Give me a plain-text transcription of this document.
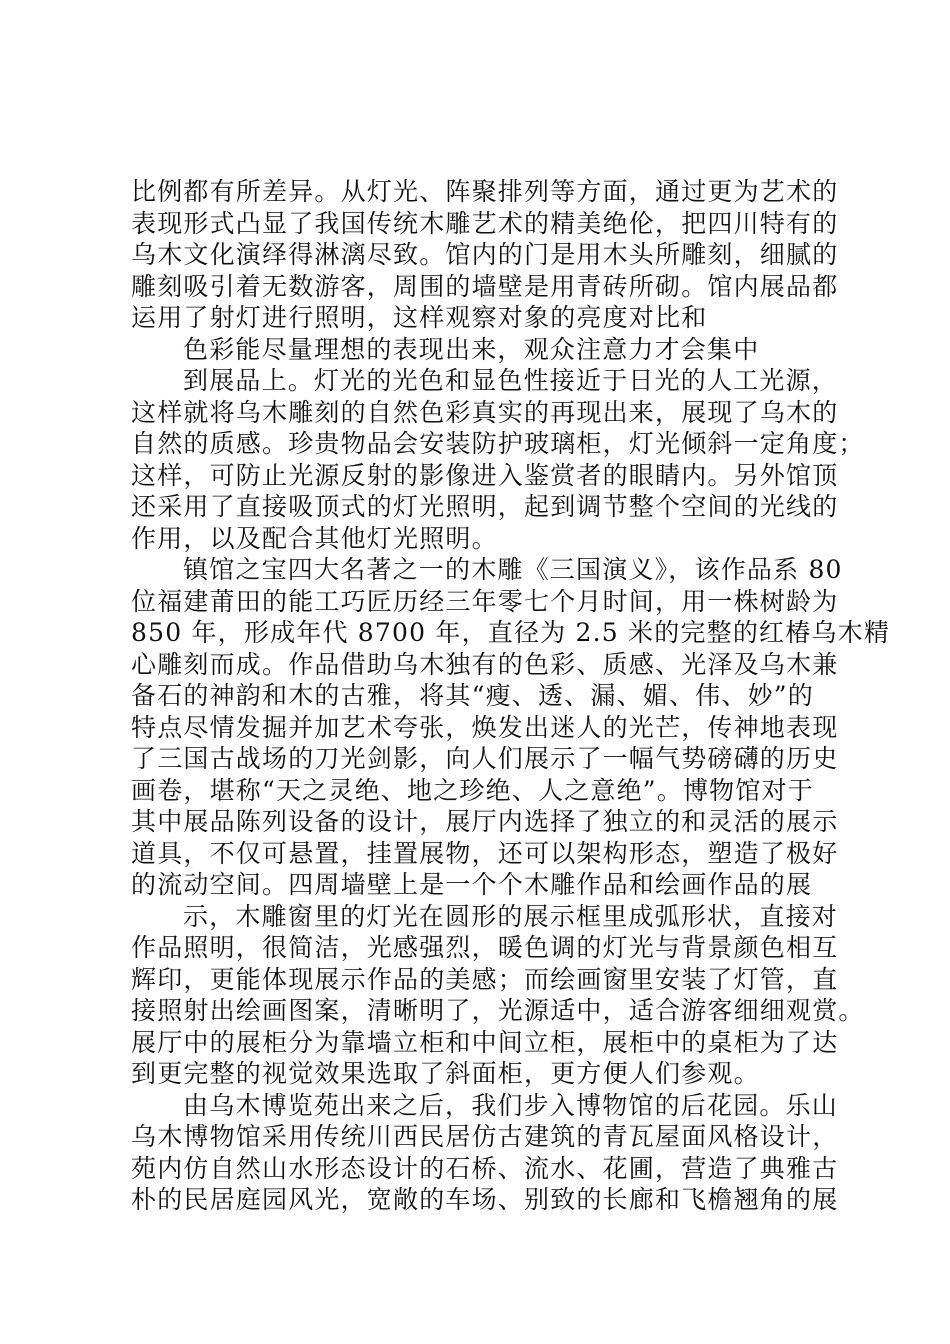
比例都有所差异。从灯光、阵聚排列等方面，通过更为艺术的
表现形式凸显了我国传统木雕艺术的精美绝伦，把四川特有的
乌木文化演绎得淋漓尽致。馆内的门是用木头所雕刻，细腻的
雕刻吸引着无数游客，周围的墙壁是用青砖所砌。馆内展品都
运用了射灯进行照明，这样观察对象的亮度对比和
色彩能尽量理想的表现出来，观众注意力才会集中
到展品上。灯光的光色和显色性接近于日光的人工光源，
这样就将乌木雕刻的自然色彩真实的再现出来，展现了乌木的
自然的质感。珍贵物品会安装防护玻璃柜，灯光倾斜一定角度；
这样，可防止光源反射的影像进入鉴赏者的眼睛内。另外馆顶
还采用了直接吸顶式的灯光照明，起到调节整个空间的光线的
作用，以及配合其他灯光照明。
镇馆之宝四大名著之一的木雕《三国演义》，该作品系 80
位福建莆田的能工巧匠历经三年零七个月时间，用一株树龄为
850 年，形成年代 8700 年，直径为 2.5 米的完整的红椿乌木精
心雕刻而成。作品借助乌木独有的色彩、质感、光泽及乌木兼
备石的神韵和木的古雅，将其“瘦、透、漏、媚、伟、妙”的
特点尽情发掘并加艺术夸张，焕发出迷人的光芒，传神地表现
了三国古战场的刀光剑影，向人们展示了一幅气势磅礴的历史
画卷，堪称“天之灵绝、地之珍绝、人之意绝”。博物馆对于
其中展品陈列设备的设计，展厅内选择了独立的和灵活的展示
道具，不仅可悬置，挂置展物，还可以架构形态，塑造了极好
的流动空间。四周墙壁上是一个个木雕作品和绘画作品的展
示，木雕窗里的灯光在圆形的展示框里成弧形状，直接对
作品照明，很简洁，光感强烈，暖色调的灯光与背景颜色相互
辉印，更能体现展示作品的美感；而绘画窗里安装了灯管，直
接照射出绘画图案，清晰明了，光源适中，适合游客细细观赏。
展厅中的展柜分为靠墙立柜和中间立柜，展柜中的桌柜为了达
到更完整的视觉效果选取了斜面柜，更方便人们参观。
由乌木博览苑出来之后，我们步入博物馆的后花园。乐山
乌木博物馆采用传统川西民居仿古建筑的青瓦屋面风格设计，
苑内仿自然山水形态设计的石桥、流水、花圃，营造了典雅古
朴的民居庭园风光，宽敞的车场、别致的长廊和飞檐翘角的展
